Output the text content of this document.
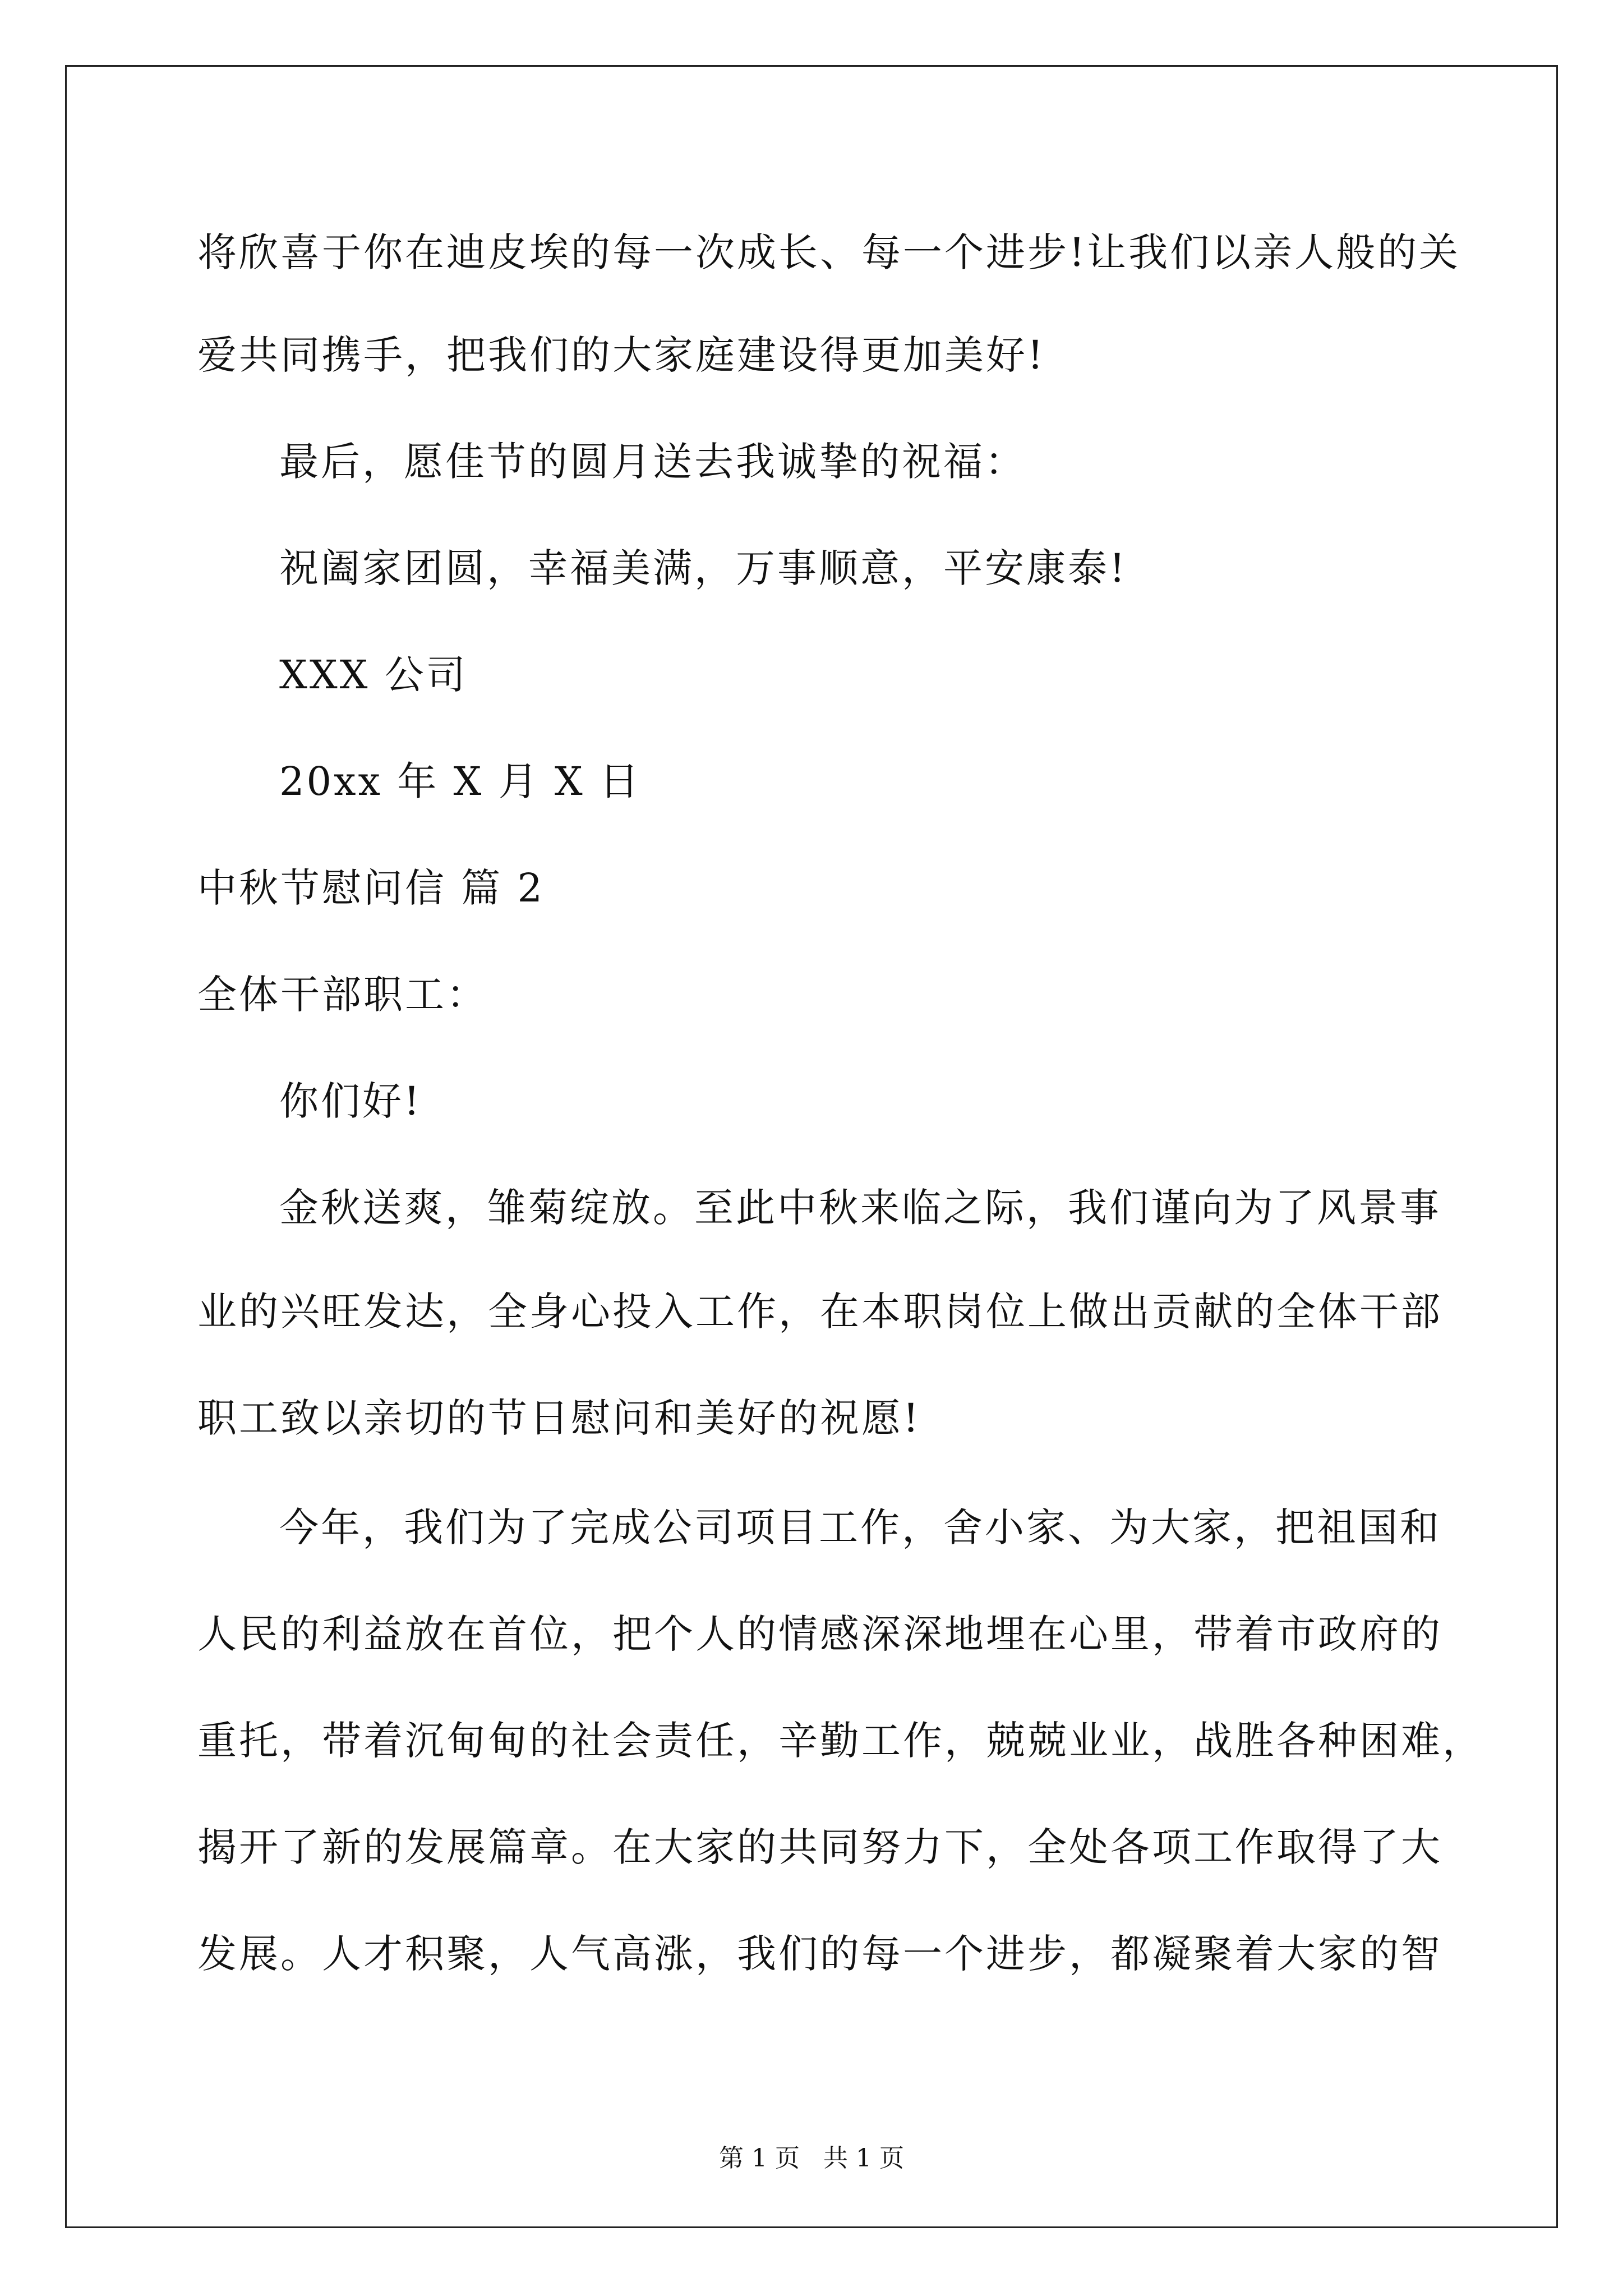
将欣喜于你在迪皮埃的每一次成长、每一个进步!让我们以亲人般的关
爱共同携手，把我们的大家庭建设得更加美好!
最后，愿佳节的圆月送去我诚挚的祝福：
祝阖家团圆，幸福美满，万事顺意，平安康泰!
XXX 公司
20xx 年 X 月 X 日
中秋节慰问信 篇 2
全体干部职工：
你们好!
金秋送爽，雏菊绽放。至此中秋来临之际，我们谨向为了风景事
业的兴旺发达，全身心投入工作，在本职岗位上做出贡献的全体干部
职工致以亲切的节日慰问和美好的祝愿!
今年，我们为了完成公司项目工作，舍小家、为大家，把祖国和
人民的利益放在首位，把个人的情感深深地埋在心里，带着市政府的
重托，带着沉甸甸的社会责任，辛勤工作，兢兢业业，战胜各种困难，
揭开了新的发展篇章。在大家的共同努力下，全处各项工作取得了大
发展。人才积聚，人气高涨，我们的每一个进步，都凝聚着大家的智
第 1 页   共 1 页
